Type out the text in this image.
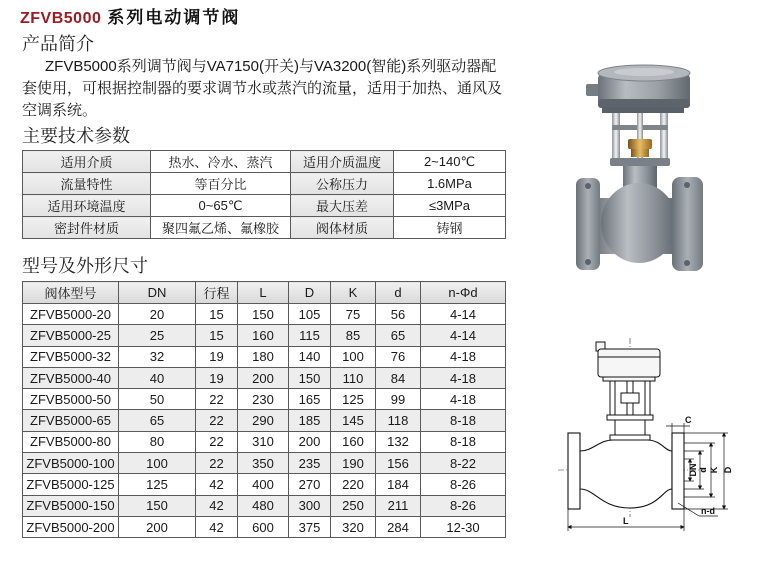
ZFVB5000 系列电动调节阀
产品简介
ZFVB5000系列调节阀与VA7150(开关)与VA3200(智能)系列驱动器配
套使用，可根据控制器的要求调节水或蒸汽的流量，适用于加热、通风及
空调系统。
主要技术参数
适用介质	热水、冷水、蒸汽	适用介质温度	2~140℃
流量特性	等百分比	公称压力	1.6MPa
适用环境温度	0~65℃	最大压差	≤3MPa
密封件材质	聚四氟乙烯、氟橡胶	阀体材质	铸钢
型号及外形尺寸
阀体型号	DN	行程	L	D	K	d	n-Φd
ZFVB5000-20	20	15	150	105	75	56	4-14
ZFVB5000-25	25	15	160	115	85	65	4-14
ZFVB5000-32	32	19	180	140	100	76	4-18
ZFVB5000-40	40	19	200	150	110	84	4-18
ZFVB5000-50	50	22	230	165	125	99	4-18
ZFVB5000-65	65	22	290	185	145	118	8-18
ZFVB5000-80	80	22	310	200	160	132	8-18
ZFVB5000-100	100	22	350	235	190	156	8-22
ZFVB5000-125	125	42	400	270	220	184	8-26
ZFVB5000-150	150	42	480	300	250	211	8-26
ZFVB5000-200	200	42	600	375	320	284	12-30
C
DN d K D
L
n-d
